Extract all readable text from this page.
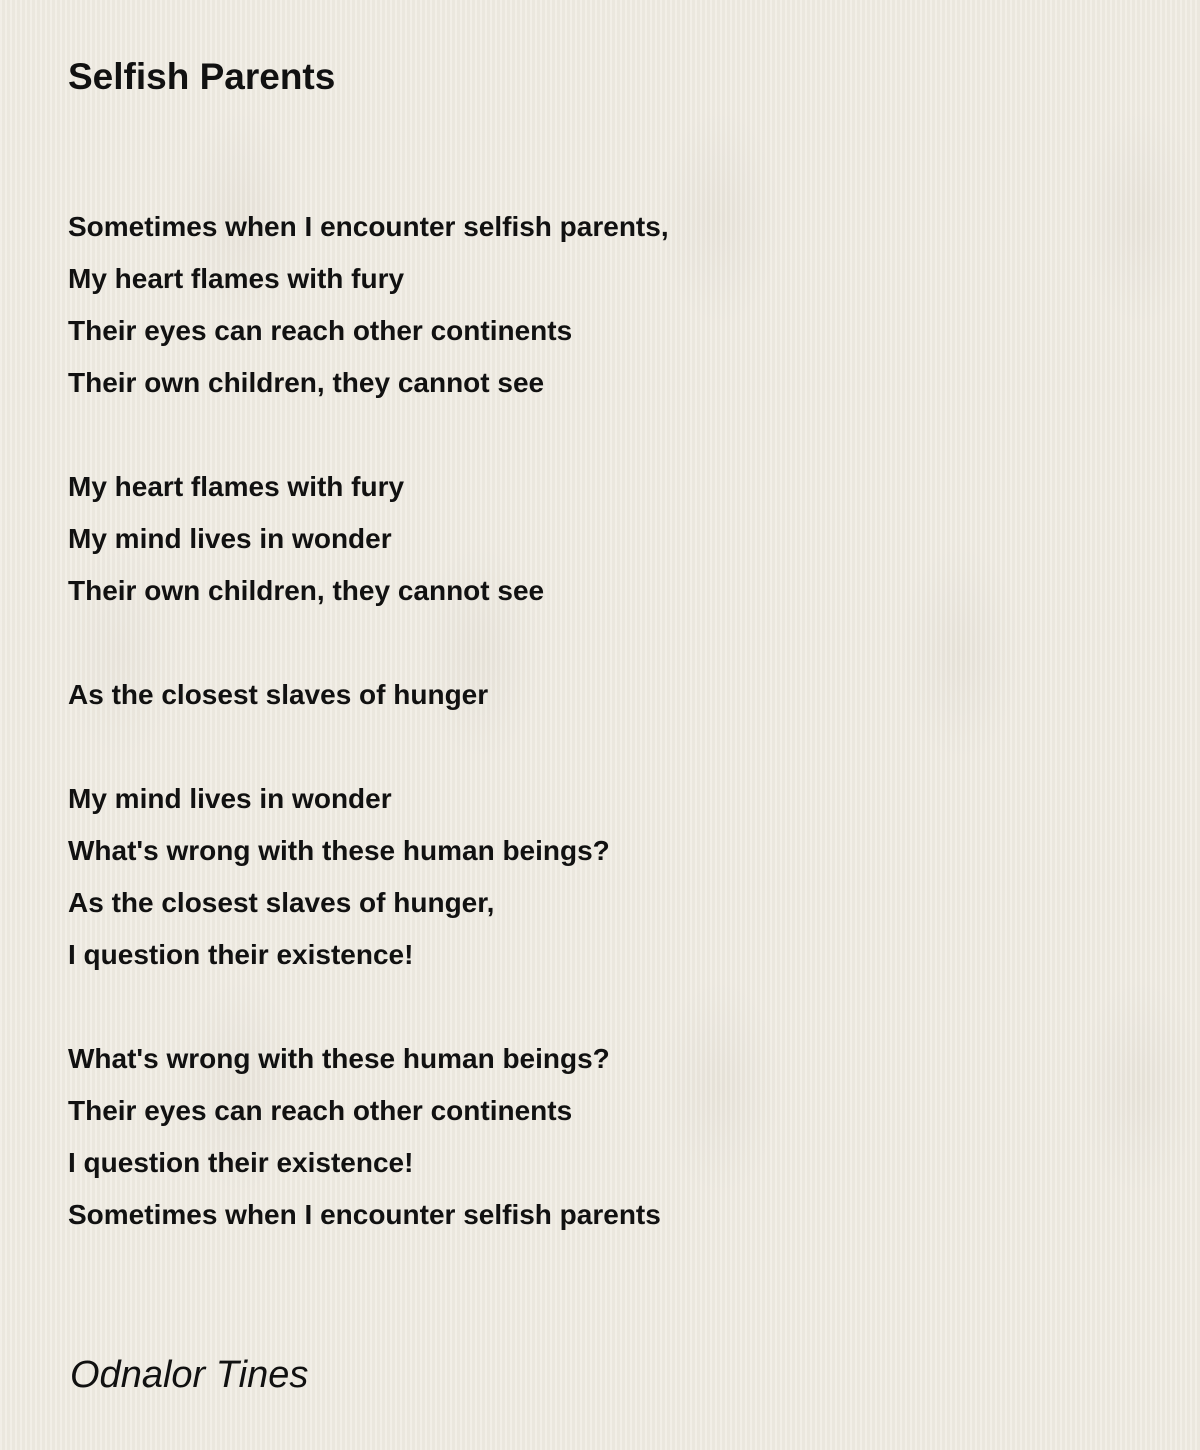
Selfish Parents
Sometimes when I encounter selfish parents,
My heart flames with fury
Their eyes can reach other continents
Their own children, they cannot see
My heart flames with fury
My mind lives in wonder
Their own children, they cannot see
As the closest slaves of hunger
My mind lives in wonder
What's wrong with these human beings?
As the closest slaves of hunger,
I question their existence!
What's wrong with these human beings?
Their eyes can reach other continents
I question their existence!
Sometimes when I encounter selfish parents
Odnalor Tines
